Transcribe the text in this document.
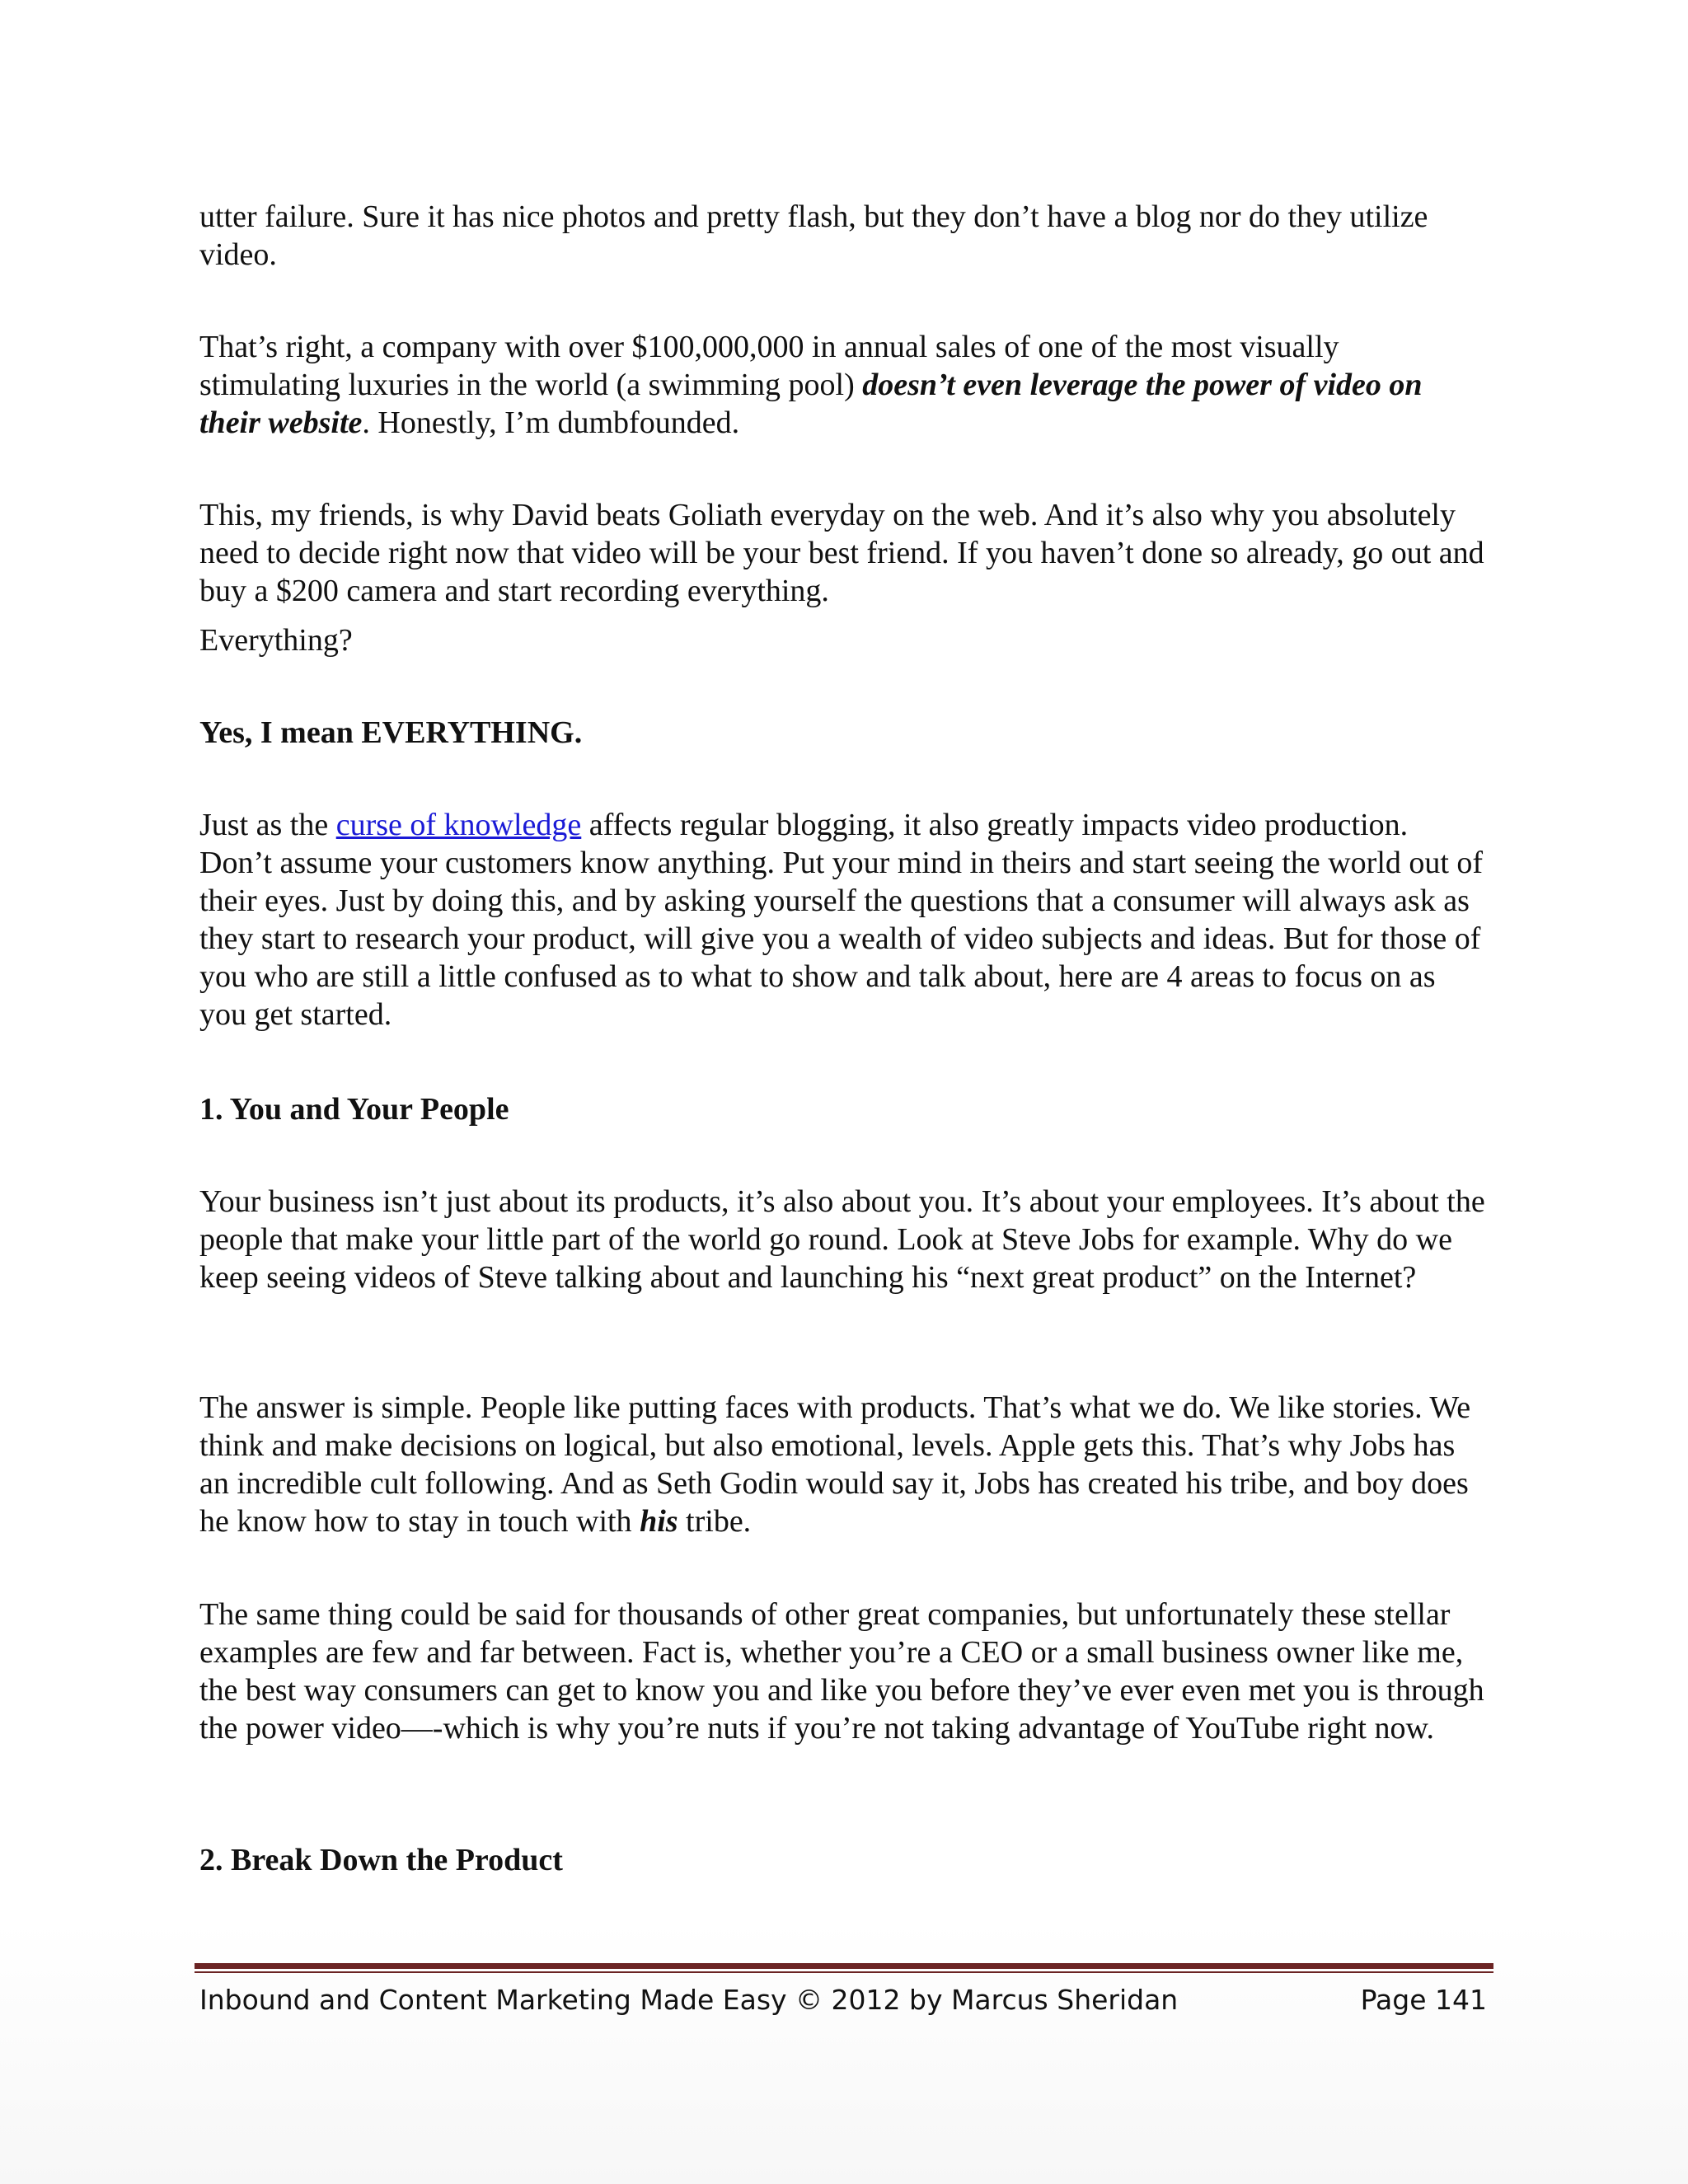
utter failure. Sure it has nice photos and pretty flash, but they don’t have a blog nor do they utilize video.

That’s right, a company with over $100,000,000 in annual sales of one of the most visually stimulating luxuries in the world (a swimming pool) doesn’t even leverage the power of video on their website. Honestly, I’m dumbfounded.

This, my friends, is why David beats Goliath everyday on the web. And it’s also why you absolutely need to decide right now that video will be your best friend. If you haven’t done so already, go out and buy a $200 camera and start recording everything.

Everything?

Yes, I mean EVERYTHING.

Just as the curse of knowledge affects regular blogging, it also greatly impacts video production. Don’t assume your customers know anything. Put your mind in theirs and start seeing the world out of their eyes. Just by doing this, and by asking yourself the questions that a consumer will always ask as they start to research your product, will give you a wealth of video subjects and ideas. But for those of you who are still a little confused as to what to show and talk about, here are 4 areas to focus on as you get started.

1. You and Your People

Your business isn’t just about its products, it’s also about you. It’s about your employees. It’s about the people that make your little part of the world go round. Look at Steve Jobs for example. Why do we keep seeing videos of Steve talking about and launching his “next great product” on the Internet?

The answer is simple. People like putting faces with products. That’s what we do. We like stories. We think and make decisions on logical, but also emotional, levels. Apple gets this. That’s why Jobs has an incredible cult following. And as Seth Godin would say it, Jobs has created his tribe, and boy does he know how to stay in touch with his tribe.

The same thing could be said for thousands of other great companies, but unfortunately these stellar examples are few and far between. Fact is, whether you’re a CEO or a small business owner like me, the best way consumers can get to know you and like you before they’ve ever even met you is through the power video—-which is why you’re nuts if you’re not taking advantage of YouTube right now.

2. Break Down the Product

Inbound and Content Marketing Made Easy © 2012 by Marcus Sheridan	Page 141
